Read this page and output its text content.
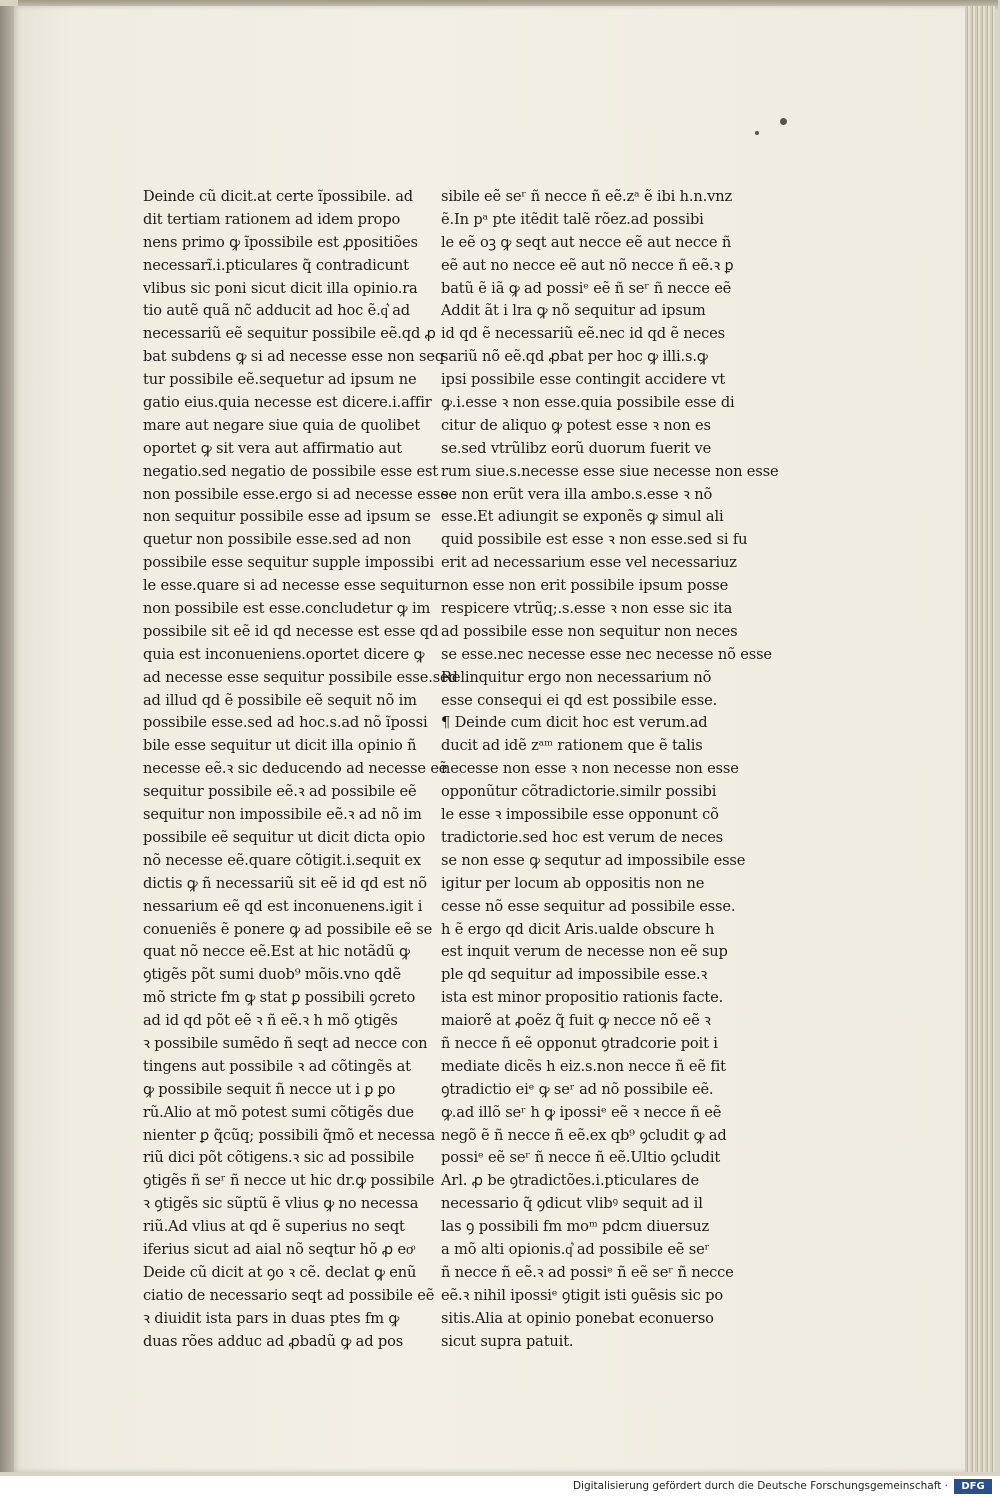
Deinde cũ dicit.at certe ĩpossibile. ad
dit tertiam rationem ad idem propo
nens primo ꝙ ĩpossibile est ꝓpositiões
necessarĩ.i.pticulares q̃ contradicunt
vlibus sic poni sicut dicit illa opinio.ra
tio autẽ quã nc̃ adducit ad hoc ẽ.q͛ ad
necessariũ eẽ sequitur possibile eẽ.qd ꝓ
bat subdens ꝙ si ad necesse esse non seq
tur possibile eẽ.sequetur ad ipsum ne
gatio eius.quia necesse est dicere.i.affir
mare aut negare siue quia de quolibet
oportet ꝙ sit vera aut affirmatio aut
negatio.sed negatio de possibile esse est
non possibile esse.ergo si ad necesse esse
non sequitur possibile esse ad ipsum se
quetur non possibile esse.sed ad non
possibile esse sequitur supple impossibi
le esse.quare si ad necesse esse sequitur
non possibile est esse.concludetur ꝙ im
possibile sit eẽ id qd necesse est esse qd
quia est inconueniens.oportet dicere ꝙ
ad necesse esse sequitur possibile esse.sed
ad illud qd ẽ possibile eẽ sequit nõ im
possibile esse.sed ad hoc.s.ad nõ ĩpossi
bile esse sequitur ut dicit illa opinio ñ
necesse eẽ.ꝛ sic deducendo ad necesse eẽ
sequitur possibile eẽ.ꝛ ad possibile eẽ
sequitur non impossibile eẽ.ꝛ ad nõ im
possibile eẽ sequitur ut dicit dicta opio
nõ necesse eẽ.quare cõtigit.i.sequit ex
dictis ꝙ ñ necessariũ sit eẽ id qd est nõ
nessarium eẽ qd est inconuenens.igit i
conueniẽs ẽ ponere ꝙ ad possibile eẽ se
quat nõ necce eẽ.Est at hic notãdũ ꝙ
ꝯtigẽs põt sumi duob⁹ mõis.vno qdẽ
mõ stricte fm ꝙ stat ꝑ possibili ꝯcreto
ad id qd põt eẽ ꝛ ñ eẽ.ꝛ h mõ ꝯtigẽs
ꝛ possibile sumẽdo ñ seqt ad necce con
tingens aut possibile ꝛ ad cõtingẽs at
ꝙ possibile sequit ñ necce ut i ꝑ ꝑo
rũ.Alio at mõ potest sumi cõtigẽs due
nienter ꝑ q̃cũq; possibili q̃mõ et necessa
riũ dici põt cõtigens.ꝛ sic ad possibile
ꝯtigẽs ñ seʳ ñ necce ut hic dr.ꝙ possibile
ꝛ ꝯtigẽs sic sũptũ ẽ vlius ꝙ no necessa
riũ.Ad vlius at qd ẽ superius no seqt
iferius sicut ad aial nõ seqtur hõ ꝓ eoͦ
Deide cũ dicit at ꝯo ꝛ cẽ. declat ꝙ enũ
ciatio de necessario seqt ad possibile eẽ
ꝛ diuidit ista pars in duas ptes fm ꝙ
duas rões adduc ad ꝓbadũ ꝙ ad pos
sibile eẽ seʳ ñ necce ñ eẽ.zᵃ ẽ ibi h.n.vnz
ẽ.In pᵃ pte itẽdit talẽ rõez.ad possibi
le eẽ oꝫ ꝙ seqt aut necce eẽ aut necce ñ
eẽ aut no necce eẽ aut nõ necce ñ eẽ.ꝛ ꝑ
batũ ẽ iã ꝙ ad possiᵉ eẽ ñ seʳ ñ necce eẽ
Addit ãt i lra ꝙ nõ sequitur ad ipsum
id qd ẽ necessariũ eẽ.nec id qd ẽ neces
sariũ nõ eẽ.qd ꝓbat per hoc ꝙ illi.s.ꝙ
ipsi possibile esse contingit accidere vt
ꝙ.i.esse ꝛ non esse.quia possibile esse di
citur de aliquo ꝙ potest esse ꝛ non es
se.sed vtrũlibz eorũ duorum fuerit ve
rum siue.s.necesse esse siue necesse non esse
se non erũt vera illa ambo.s.esse ꝛ nõ
esse.Et adiungit se exponẽs ꝙ simul ali
quid possibile est esse ꝛ non esse.sed si fu
erit ad necessarium esse vel necessariuz
non esse non erit possibile ipsum posse
respicere vtrũq;.s.esse ꝛ non esse sic ita
ad possibile esse non sequitur non neces
se esse.nec necesse esse nec necesse nõ esse
Relinquitur ergo non necessarium nõ
esse consequi ei qd est possibile esse.
¶ Deinde cum dicit hoc est verum.ad
ducit ad idẽ zᵃᵐ rationem que ẽ talis
necesse non esse ꝛ non necesse non esse
opponũtur cõtradictorie.similr possibi
le esse ꝛ impossibile esse opponunt cõ
tradictorie.sed hoc est verum de neces
se non esse ꝙ sequtur ad impossibile esse
igitur per locum ab oppositis non ne
cesse nõ esse sequitur ad possibile esse.
h ẽ ergo qd dicit Aris.ualde obscure h
est inquit verum de necesse non eẽ sup
ple qd sequitur ad impossibile esse.ꝛ
ista est minor propositio rationis facte.
maiorẽ at ꝓoẽz q̃ fuit ꝙ necce nõ eẽ ꝛ
ñ necce ñ eẽ opponut ꝯtradcorie poit i
mediate dicẽs h eiz.s.non necce ñ eẽ fit
ꝯtradictio eiᵉ ꝙ seʳ ad nõ possibile eẽ.
ꝙ.ad illõ seʳ h ꝙ ipossiᵉ eẽ ꝛ necce ñ eẽ
negõ ẽ ñ necce ñ eẽ.ex qb⁹ ꝯcludit ꝙ ad
possiᵉ eẽ seʳ ñ necce ñ eẽ.Ultio ꝯcludit
Arl. ꝓ be ꝯtradictões.i.pticulares de
necessario q̃ ꝯdicut vlibꝰ sequit ad il
las ꝯ possibili fm moᵐ pdcm diuersuz
a mõ alti opionis.q͛ ad possibile eẽ seʳ
ñ necce ñ eẽ.ꝛ ad possiᵉ ñ eẽ seʳ ñ necce
eẽ.ꝛ nihil ipossiᵉ ꝯtigit isti ꝯuẽsis sic po
sitis.Alia at opinio ponebat econuerso
sicut supra patuit.
Digitalisierung gefördert durch die Deutsche Forschungsgemeinschaft ·	DFG
